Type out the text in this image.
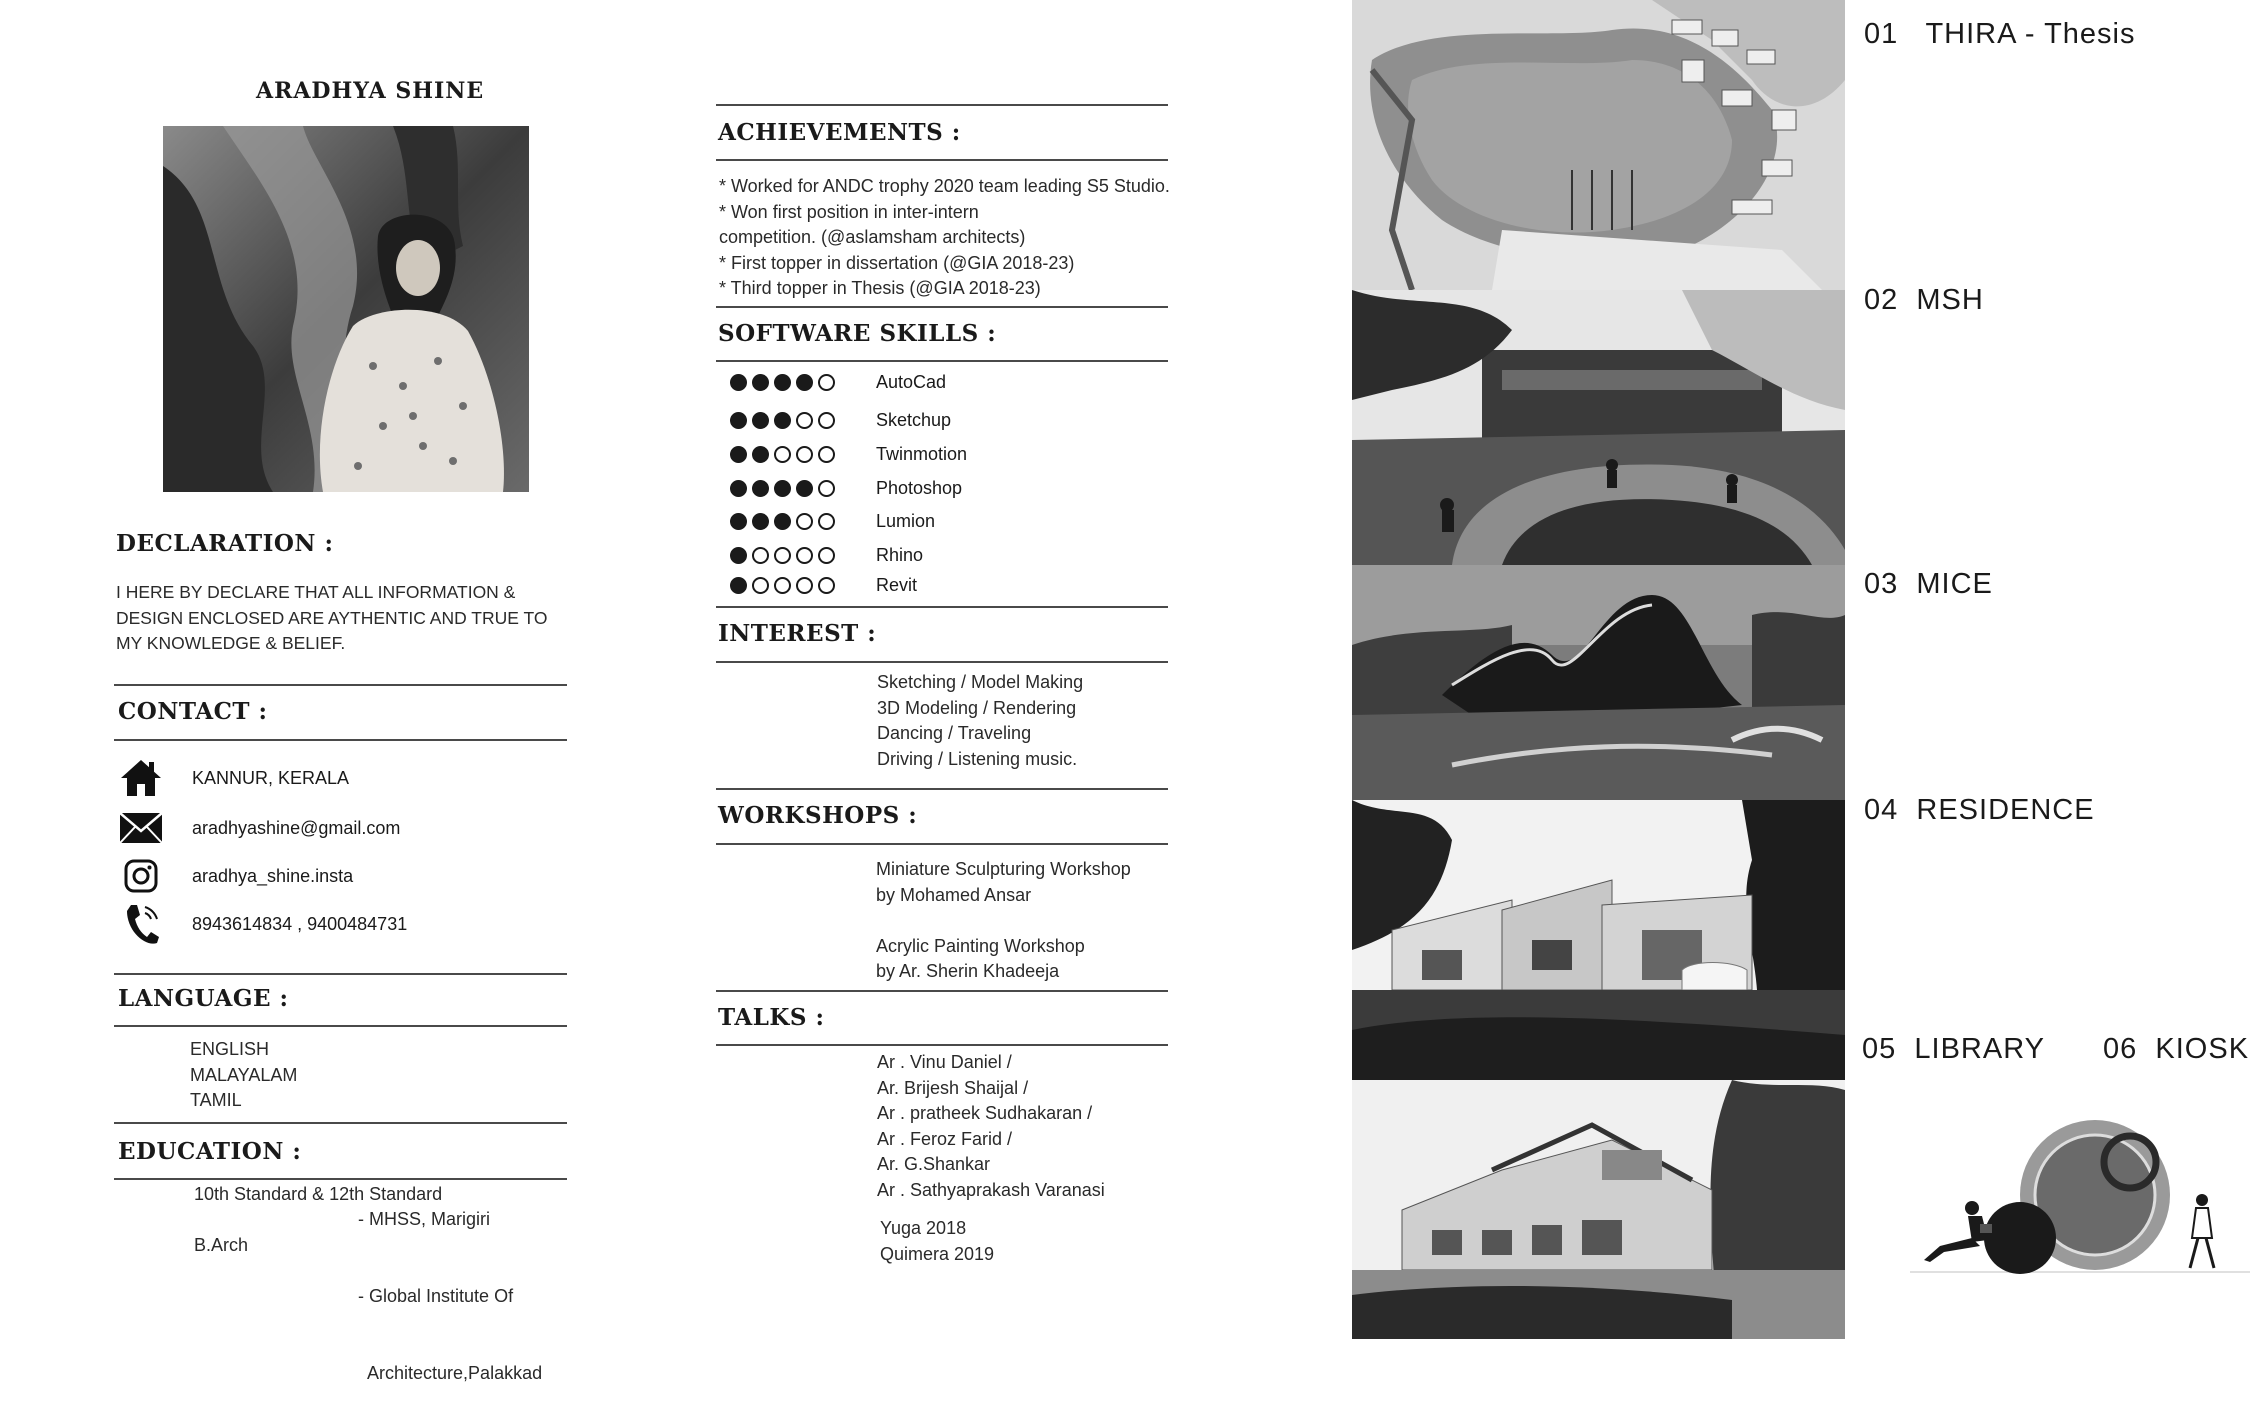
ARADHYA SHINE
DECLARATION :
I HERE BY DECLARE THAT ALL INFORMATION &
DESIGN ENCLOSED ARE AYTHENTIC AND TRUE TO
MY KNOWLEDGE & BELIEF.
CONTACT :
KANNUR, KERALA
aradhyashine@gmail.com
aradhya_shine.insta
8943614834 , 9400484731
LANGUAGE :
ENGLISH
MALAYALAM
TAMIL
EDUCATION :
10th Standard & 12th Standard
- MHSS, Marigiri
B.Arch

- Global Institute Of

Architecture,Palakkad

ACHIEVEMENTS :
* Worked for ANDC trophy 2020 team leading S5 Studio.
* Won first position in inter-intern
competition. (@aslamsham architects)
* First topper in dissertation (@GIA 2018-23)
* Third topper in Thesis (@GIA 2018-23)
SOFTWARE SKILLS :
AutoCad
Sketchup
Twinmotion
Photoshop
Lumion
Rhino
Revit
INTEREST :
Sketching / Model Making
3D Modeling / Rendering
Dancing / Traveling
Driving / Listening music.
WORKSHOPS :
Miniature Sculpturing Workshop
by Mohamed Ansar
Acrylic Painting Workshop
by Ar. Sherin Khadeeja
TALKS :
Ar . Vinu Daniel /
Ar. Brijesh Shaijal /
Ar . pratheek Sudhakaran /
Ar . Feroz Farid /
Ar. G.Shankar
Ar . Sathyaprakash Varanasi
Yuga 2018
Quimera 2019
01 THIRA - Thesis
02 MSH
03 MICE
04 RESIDENCE
05 LIBRARY 06 KIOSK
